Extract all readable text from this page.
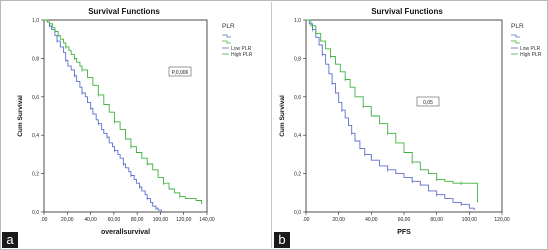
Survival Functions
0,0
0,2
0,4
0,6
0,8
1,0
.00	20,00 40,00 60,00 80,00 100,00 120,00 140,00
Cum Survival
overallsurvival
P,0,006
PLR
Low PLR
High PLR
a
Survival Functions
0,0
0,2
0,4
0,6
0,8
1,0
.00	20,00	40,00	60,00	80,00	100,00	120,00
Cum Survival
PFS
0,05
PLR
Low PLR
High PLR
b
